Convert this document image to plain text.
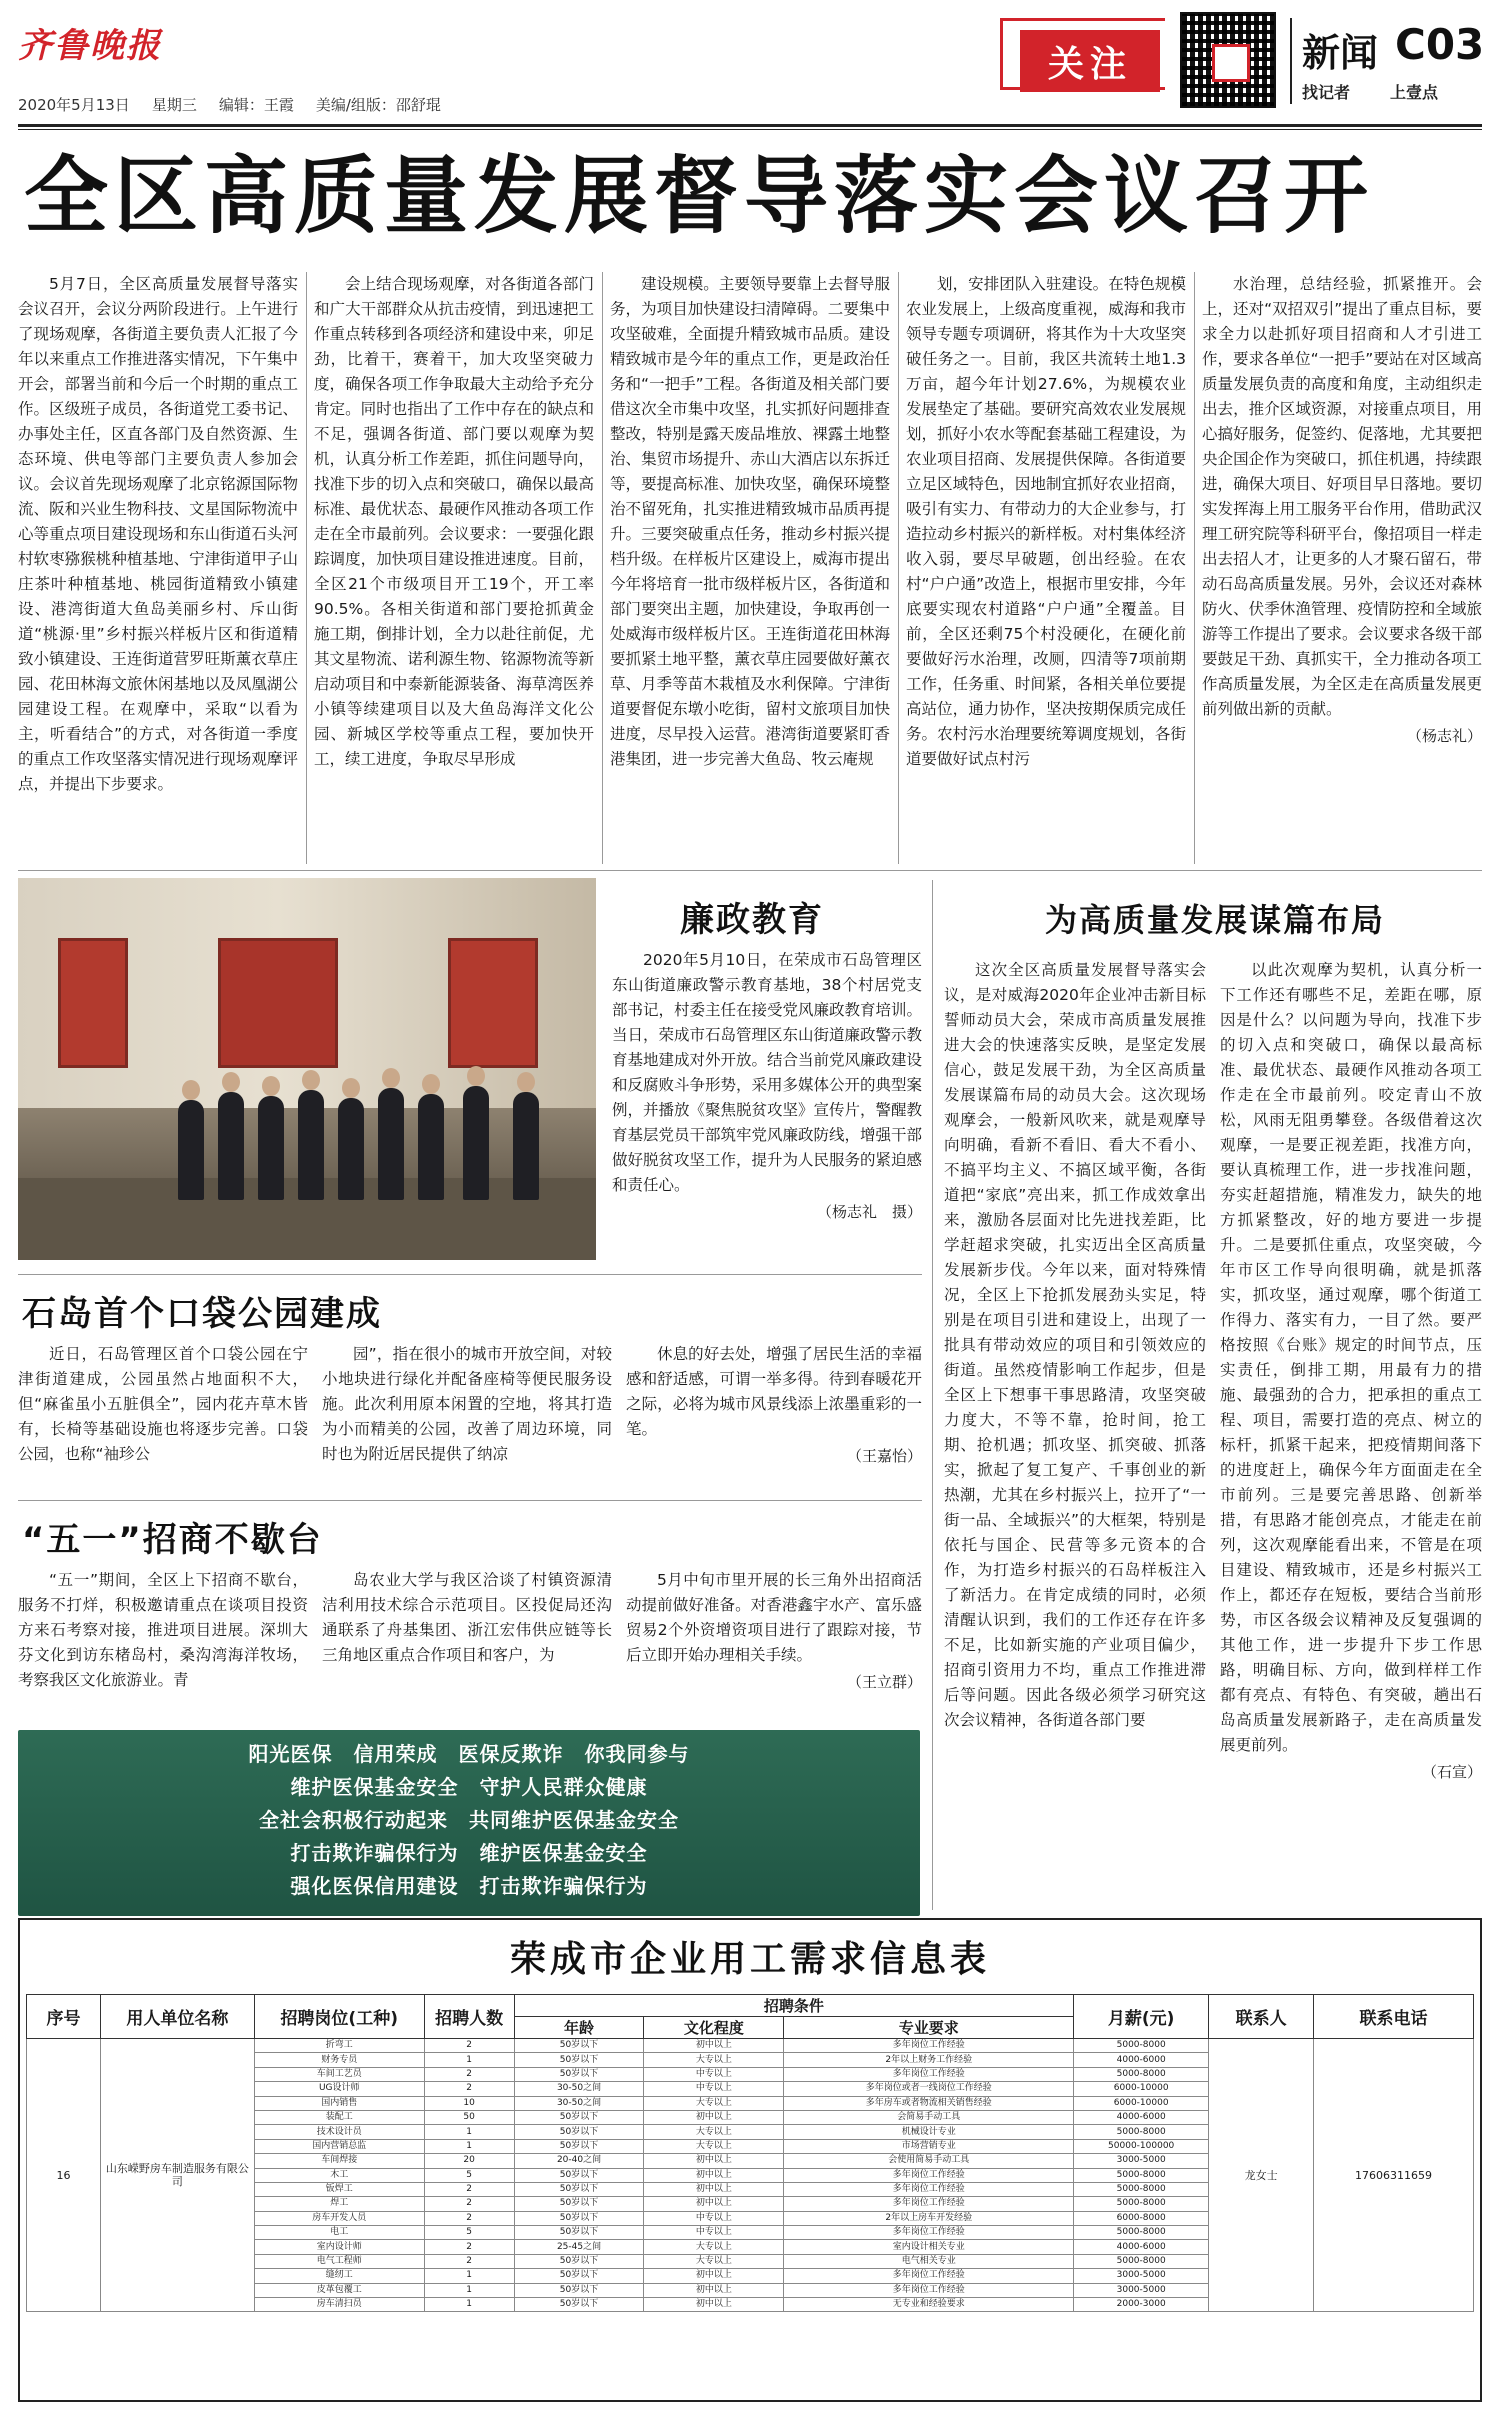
齐鲁晚报
2020年5月13日 星期三 编辑：王霞 美编/组版：邵舒琨
关注	新闻 C03
找记者	上壹点
全区高质量发展督导落实会议召开

5月7日，全区高质量发展督导落实会议召开，会议分两阶段进行。上午进行了现场观摩，各街道主要负责人汇报了今年以来重点工作推进落实情况，下午集中开会，部署当前和今后一个时期的重点工作。区级班子成员，各街道党工委书记、办事处主任，区直各部门及自然资源、生态环境、供电等部门主要负责人参加会议。会议首先现场观摩了北京铭源国际物流、阪和兴业生物科技、文星国际物流中心等重点项目建设现场和东山街道石头河村软枣猕猴桃种植基地、宁津街道甲子山庄茶叶种植基地、桃园街道精致小镇建设、港湾街道大鱼岛美丽乡村、斥山街道“桃源·里”乡村振兴样板片区和街道精致小镇建设、王连街道营罗旺斯薰衣草庄园、花田林海文旅休闲基地以及凤凰湖公园建设工程。在观摩中，采取“以看为主，听看结合”的方式，对各街道一季度的重点工作攻坚落实情况进行现场观摩评点，并提出下步要求。

会上结合现场观摩，对各街道各部门和广大干部群众从抗击疫情，到迅速把工作重点转移到各项经济和建设中来，卯足劲，比着干，赛着干，加大攻坚突破力度，确保各项工作争取最大主动给予充分肯定。同时也指出了工作中存在的缺点和不足，强调各街道、部门要以观摩为契机，认真分析工作差距，抓住问题导向，找准下步的切入点和突破口，确保以最高标准、最优状态、最硬作风推动各项工作走在全市最前列。会议要求：一要强化跟踪调度，加快项目建设推进速度。目前，全区21个市级项目开工19个，开工率90.5%。各相关街道和部门要抢抓黄金施工期，倒排计划，全力以赴往前促，尤其文星物流、诺利源生物、铭源物流等新启动项目和中泰新能源装备、海草湾医养小镇等续建项目以及大鱼岛海洋文化公园、新城区学校等重点工程，要加快开工，续工进度，争取尽早形成

建设规模。主要领导要靠上去督导服务，为项目加快建设扫清障碍。二要集中攻坚破难，全面提升精致城市品质。建设精致城市是今年的重点工作，更是政治任务和“一把手”工程。各街道及相关部门要借这次全市集中攻坚，扎实抓好问题排查整改，特别是露天废品堆放、裸露土地整治、集贸市场提升、赤山大酒店以东拆迁等，要提高标准、加快攻坚，确保环境整治不留死角，扎实推进精致城市品质再提升。三要突破重点任务，推动乡村振兴提档升级。在样板片区建设上，威海市提出今年将培育一批市级样板片区，各街道和部门要突出主题，加快建设，争取再创一处威海市级样板片区。王连街道花田林海要抓紧土地平整，薰衣草庄园要做好薰衣草、月季等苗木栽植及水利保障。宁津街道要督促东墩小吃街，留村文旅项目加快进度，尽早投入运营。港湾街道要紧盯香港集团，进一步完善大鱼岛、牧云庵规

划，安排团队入驻建设。在特色规模农业发展上，上级高度重视，威海和我市领导专题专项调研，将其作为十大攻坚突破任务之一。目前，我区共流转土地1.3万亩，超今年计划27.6%，为规模农业发展垫定了基础。要研究高效农业发展规划，抓好小农水等配套基础工程建设，为农业项目招商、发展提供保障。各街道要立足区域特色，因地制宜抓好农业招商，吸引有实力、有带动力的大企业参与，打造拉动乡村振兴的新样板。对村集体经济收入弱，要尽早破题，创出经验。在农村“户户通”改造上，根据市里安排，今年底要实现农村道路“户户通”全覆盖。目前，全区还剩75个村没硬化，在硬化前要做好污水治理，改厕，四清等7项前期工作，任务重、时间紧，各相关单位要提高站位，通力协作，坚决按期保质完成任务。农村污水治理要统筹调度规划，各街道要做好试点村污

水治理，总结经验，抓紧推开。会上，还对“双招双引”提出了重点目标，要求全力以赴抓好项目招商和人才引进工作，要求各单位“一把手”要站在对区域高质量发展负责的高度和角度，主动组织走出去，推介区域资源，对接重点项目，用心搞好服务，促签约、促落地，尤其要把央企国企作为突破口，抓住机遇，持续跟进，确保大项目、好项目早日落地。要切实发挥海上用工服务平台作用，借助武汉理工研究院等科研平台，像招项目一样走出去招人才，让更多的人才聚石留石，带动石岛高质量发展。另外，会议还对森林防火、伏季休渔管理、疫情防控和全域旅游等工作提出了要求。会议要求各级干部要鼓足干劲、真抓实干，全力推动各项工作高质量发展，为全区走在高质量发展更前列做出新的贡献。

（杨志礼）
廉政教育

2020年5月10日，在荣成市石岛管理区东山街道廉政警示教育基地，38个村居党支部书记，村委主任在接受党风廉政教育培训。当日，荣成市石岛管理区东山街道廉政警示教育基地建成对外开放。结合当前党风廉政建设和反腐败斗争形势，采用多媒体公开的典型案例，并播放《聚焦脱贫攻坚》宣传片，警醒教育基层党员干部筑牢党风廉政防线，增强干部做好脱贫攻坚工作，提升为人民服务的紧迫感和责任心。

（杨志礼　摄）
为高质量发展谋篇布局

这次全区高质量发展督导落实会议，是对威海2020年企业冲击新目标誓师动员大会，荣成市高质量发展推进大会的快速落实反映，是坚定发展信心，鼓足发展干劲，为全区高质量发展谋篇布局的动员大会。这次现场观摩会，一般新风吹来，就是观摩导向明确，看新不看旧、看大不看小、不搞平均主义、不搞区域平衡，各街道把“家底”亮出来，抓工作成效拿出来，激励各层面对比先进找差距，比学赶超求突破，扎实迈出全区高质量发展新步伐。今年以来，面对特殊情况，全区上下抢抓发展劲头实足，特别是在项目引进和建设上，出现了一批具有带动效应的项目和引领效应的街道。虽然疫情影响工作起步，但是全区上下想事干事思路清，攻坚突破力度大，不等不靠，抢时间，抢工期、抢机遇；抓攻坚、抓突破、抓落实，掀起了复工复产、千事创业的新热潮，尤其在乡村振兴上，拉开了“一街一品、全域振兴”的大框架，特别是依托与国企、民营等多元资本的合作，为打造乡村振兴的石岛样板注入了新活力。在肯定成绩的同时，必须清醒认识到，我们的工作还存在许多不足，比如新实施的产业项目偏少，招商引资用力不均，重点工作推进滞后等问题。因此各级必须学习研究这次会议精神，各街道各部门要

以此次观摩为契机，认真分析一下工作还有哪些不足，差距在哪，原因是什么？以问题为导向，找准下步的切入点和突破口，确保以最高标准、最优状态、最硬作风推动各项工作走在全市最前列。咬定青山不放松，风雨无阻勇攀登。各级借着这次观摩，一是要正视差距，找准方向，要认真梳理工作，进一步找准问题，夯实赶超措施，精准发力，缺失的地方抓紧整改，好的地方要进一步提升。二是要抓住重点，攻坚突破，今年市区工作导向很明确，就是抓落实，抓攻坚，通过观摩，哪个街道工作得力、落实有力，一目了然。要严格按照《台账》规定的时间节点，压实责任，倒排工期，用最有力的措施、最强劲的合力，把承担的重点工程、项目，需要打造的亮点、树立的标杆，抓紧干起来，把疫情期间落下的进度赶上，确保今年方面面走在全市前列。三是要完善思路、创新举措，有思路才能创亮点，才能走在前列，这次观摩能看出来，不管是在项目建设、精致城市，还是乡村振兴工作上，都还存在短板，要结合当前形势，市区各级会议精神及反复强调的其他工作，进一步提升下步工作思路，明确目标、方向，做到样样工作都有亮点、有特色、有突破，趟出石岛高质量发展新路子，走在高质量发展更前列。

（石宣）
石岛首个口袋公园建成

近日，石岛管理区首个口袋公园在宁津街道建成，公园虽然占地面积不大，但“麻雀虽小五脏俱全”，园内花卉草木皆有，长椅等基础设施也将逐步完善。口袋公园，也称“袖珍公

园”，指在很小的城市开放空间，对较小地块进行绿化并配备座椅等便民服务设施。此次利用原本闲置的空地，将其打造为小而精美的公园，改善了周边环境，同时也为附近居民提供了纳凉

休息的好去处，增强了居民生活的幸福感和舒适感，可谓一举多得。待到春暖花开之际，必将为城市风景线添上浓墨重彩的一笔。

（王嘉怡）
“五一”招商不歇台

“五一”期间，全区上下招商不歇台，服务不打烊，积极邀请重点在谈项目投资方来石考察对接，推进项目进展。深圳大芬文化到访东楮岛村，桑沟湾海洋牧场，考察我区文化旅游业。青

岛农业大学与我区洽谈了村镇资源清洁利用技术综合示范项目。区投促局还沟通联系了舟基集团、浙江宏伟供应链等长三角地区重点合作项目和客户，为

5月中旬市里开展的长三角外出招商活动提前做好准备。对香港鑫宇水产、富乐盛贸易2个外资增资项目进行了跟踪对接，节后立即开始办理相关手续。

（王立群）
阳光医保　信用荣成　医保反欺诈　你我同参与
维护医保基金安全　守护人民群众健康
全社会积极行动起来　共同维护医保基金安全
打击欺诈骗保行为　维护医保基金安全
强化医保信用建设　打击欺诈骗保行为
荣成市企业用工需求信息表
序号	用人单位名称	招聘岗位(工种)	招聘人数	招聘条件			月薪(元)	联系人	联系电话
				年龄	文化程度	专业要求			
16	山东嵘野房车制造服务有限公司	折弯工	2	50岁以下	初中以上	多年岗位工作经验	5000-8000	龙女士	17606311659
		财务专员	1	50岁以下	大专以上	2年以上财务工作经验	4000-6000		
		车间工艺员	2	50岁以下	中专以上	多年岗位工作经验	5000-8000		
		UG设计师	2	30-50之间	中专以上	多年岗位或者一线岗位工作经验	6000-10000		
		国内销售	10	30-50之间	大专以上	多年房车或者物流相关销售经验	6000-10000		
		装配工	50	50岁以下	初中以上	会简易手动工具	4000-6000		
		技术设计员	1	50岁以下	大专以上	机械设计专业	5000-8000		
		国内营销总监	1	50岁以下	大专以上	市场营销专业	50000-100000		
		车间焊接	20	20-40之间	初中以上	会使用简易手动工具	3000-5000		
		木工	5	50岁以下	初中以上	多年岗位工作经验	5000-8000		
		钣焊工	2	50岁以下	初中以上	多年岗位工作经验	5000-8000		
		焊工	2	50岁以下	初中以上	多年岗位工作经验	5000-8000		
		房车开发人员	2	50岁以下	中专以上	2年以上房车开发经验	6000-8000		
		电工	5	50岁以下	中专以上	多年岗位工作经验	5000-8000		
		室内设计师	2	25-45之间	大专以上	室内设计相关专业	4000-6000		
		电气工程师	2	50岁以下	大专以上	电气相关专业	5000-8000		
		缝纫工	1	50岁以下	初中以上	多年岗位工作经验	3000-5000		
		皮革包覆工	1	50岁以下	初中以上	多年岗位工作经验	3000-5000		
		房车清扫员	1	50岁以下	初中以上	无专业和经验要求	2000-3000		
